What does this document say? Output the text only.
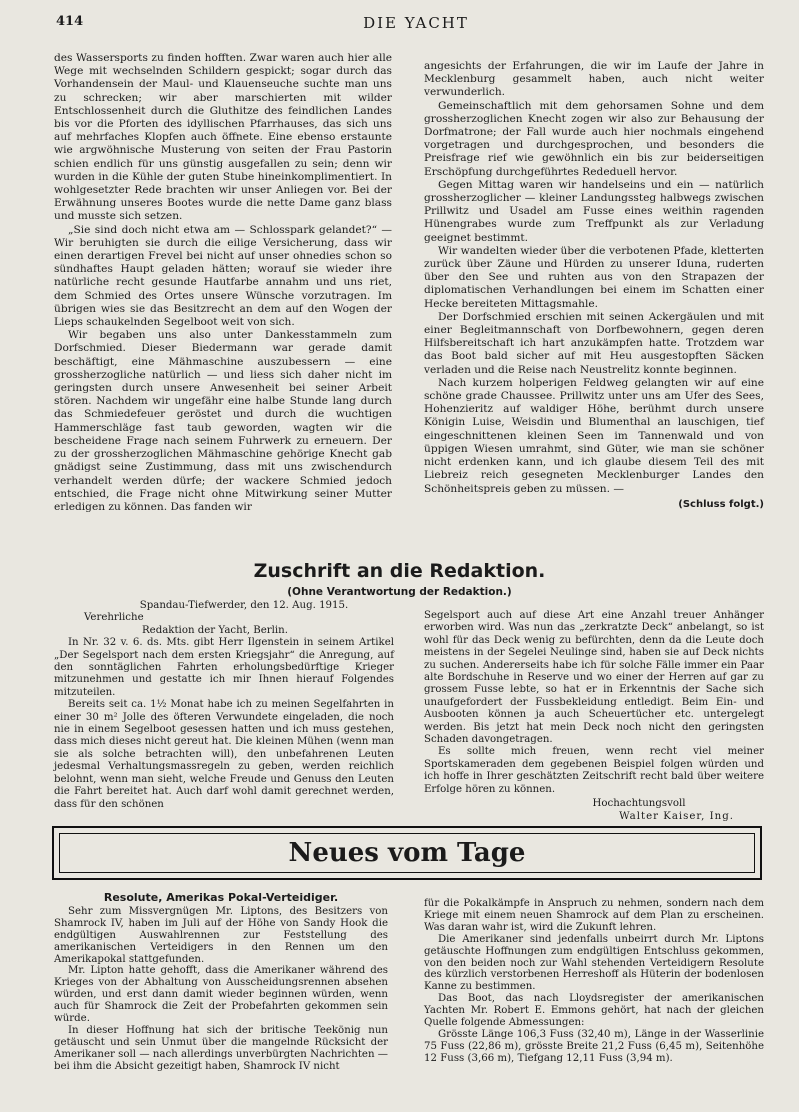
414	DIE YACHT

des Wassersports zu finden hofften. Zwar waren auch hier alle Wege mit wechselnden Schildern gespickt; sogar durch das Vorhandensein der Maul- und Klauenseuche suchte man uns zu schrecken; wir aber marschierten mit wilder Entschlossenheit durch die Gluthitze des feindlichen Landes bis vor die Pforten des idyllischen Pfarrhauses, das sich uns auf mehrfaches Klopfen auch öffnete. Eine ebenso erstaunte wie argwöhnische Musterung von seiten der Frau Pastorin schien endlich für uns günstig ausgefallen zu sein; denn wir wurden in die Kühle der guten Stube hineinkomplimentiert. In wohlgesetzter Rede brachten wir unser Anliegen vor. Bei der Erwähnung unseres Bootes wurde die nette Dame ganz blass und musste sich setzen.

„Sie sind doch nicht etwa am — Schlosspark gelandet?“ — Wir beruhigten sie durch die eilige Versicherung, dass wir einen derartigen Frevel bei nicht auf unser ohnedies schon so sündhaftes Haupt geladen hätten; worauf sie wieder ihre natürliche recht gesunde Hautfarbe annahm und uns riet, dem Schmied des Ortes unsere Wünsche vorzutragen. Im übrigen wies sie das Besitzrecht an dem auf den Wogen der Lieps schaukelnden Segelboot weit von sich.

Wir begaben uns also unter Dankesstammeln zum Dorfschmied. Dieser Biedermann war gerade damit beschäftigt, eine Mähmaschine auszubessern — eine grossherzogliche natürlich — und liess sich daher nicht im geringsten durch unsere Anwesenheit bei seiner Arbeit stören. Nachdem wir ungefähr eine halbe Stunde lang durch das Schmiedefeuer geröstet und durch die wuchtigen Hammerschläge fast taub geworden, wagten wir die bescheidene Frage nach seinem Fuhrwerk zu erneuern. Der zu der grossherzoglichen Mähmaschine gehörige Knecht gab gnädigst seine Zustimmung, dass mit uns zwischendurch verhandelt werden dürfe; der wackere Schmied jedoch entschied, die Frage nicht ohne Mitwirkung seiner Mutter erledigen zu können. Das fanden wir

angesichts der Erfahrungen, die wir im Laufe der Jahre in Mecklenburg gesammelt haben, auch nicht weiter verwunderlich.

Gemeinschaftlich mit dem gehorsamen Sohne und dem grossherzoglichen Knecht zogen wir also zur Behausung der Dorfmatrone; der Fall wurde auch hier nochmals eingehend vorgetragen und durchgesprochen, und besonders die Preisfrage rief wie gewöhnlich ein bis zur beiderseitigen Erschöpfung durchgeführtes Rededuell hervor.

Gegen Mittag waren wir handelseins und ein — natürlich grossherzoglicher — kleiner Landungssteg halbwegs zwischen Prillwitz und Usadel am Fusse eines weithin ragenden Hünengrabes wurde zum Treffpunkt als zur Verladung geeignet bestimmt.

Wir wandelten wieder über die verbotenen Pfade, kletterten zurück über Zäune und Hürden zu unserer Iduna, ruderten über den See und ruhten aus von den Strapazen der diplomatischen Verhandlungen bei einem im Schatten einer Hecke bereiteten Mittagsmahle.

Der Dorfschmied erschien mit seinen Ackergäulen und mit einer Begleitmannschaft von Dorfbewohnern, gegen deren Hilfsbereitschaft ich hart anzukämpfen hatte. Trotzdem war das Boot bald sicher auf mit Heu ausgestopften Säcken verladen und die Reise nach Neustrelitz konnte beginnen.

Nach kurzem holperigen Feldweg gelangten wir auf eine schöne grade Chaussee. Prillwitz unter uns am Ufer des Sees, Hohenzieritz auf waldiger Höhe, berühmt durch unsere Königin Luise, Weisdin und Blumenthal an lauschigen, tief eingeschnittenen kleinen Seen im Tannenwald und von üppigen Wiesen umrahmt, sind Güter, wie man sie schöner nicht erdenken kann, und ich glaube diesem Teil des mit Liebreiz reich gesegneten Mecklenburger Landes den Schönheitspreis geben zu müssen. —

(Schluss folgt.)
Zuschrift an die Redaktion.
(Ohne Verantwortung der Redaktion.)
Spandau-Tiefwerder, den 12. Aug. 1915.
Verehrliche
Redaktion der Yacht, Berlin.

In Nr. 32 v. 6. ds. Mts. gibt Herr Ilgenstein in seinem Artikel „Der Segelsport nach dem ersten Kriegsjahr“ die Anregung, auf den sonntäglichen Fahrten erholungsbedürftige Krieger mitzunehmen und gestatte ich mir Ihnen hierauf Folgendes mitzuteilen.

Bereits seit ca. 1½ Monat habe ich zu meinen Segelfahrten in einer 30 m² Jolle des öfteren Verwundete eingeladen, die noch nie in einem Segelboot gesessen hatten und ich muss gestehen, dass mich dieses nicht gereut hat. Die kleinen Mühen (wenn man sie als solche betrachten will), den unbefahrenen Leuten jedesmal Verhaltungsmassregeln zu geben, werden reichlich belohnt, wenn man sieht, welche Freude und Genuss den Leuten die Fahrt bereitet hat. Auch darf wohl damit gerechnet werden, dass für den schönen

Segelsport auch auf diese Art eine Anzahl treuer Anhänger erworben wird. Was nun das „zerkratzte Deck“ anbelangt, so ist wohl für das Deck wenig zu befürchten, denn da die Leute doch meistens in der Segelei Neulinge sind, haben sie auf Deck nichts zu suchen. Andererseits habe ich für solche Fälle immer ein Paar alte Bordschuhe in Reserve und wo einer der Herren auf gar zu grossem Fusse lebte, so hat er in Erkenntnis der Sache sich unaufgefordert der Fussbekleidung entledigt. Beim Ein- und Ausbooten können ja auch Scheuertücher etc. untergelegt werden. Bis jetzt hat mein Deck noch nicht den geringsten Schaden davongetragen.

Es sollte mich freuen, wenn recht viel meiner Sportskameraden dem gegebenen Beispiel folgen würden und ich hoffe in Ihrer geschätzten Zeitschrift recht bald über weitere Erfolge hören zu können.

Hochachtungsvoll
Walter Kaiser, Ing.
Neues vom Tage
Resolute, Amerikas Pokal-Verteidiger.

Sehr zum Missvergnügen Mr. Liptons, des Besitzers von Shamrock IV, haben im Juli auf der Höhe von Sandy Hook die endgültigen Auswahlrennen zur Feststellung des amerikanischen Verteidigers in den Rennen um den Amerikapokal stattgefunden.

Mr. Lipton hatte gehofft, dass die Amerikaner während des Krieges von der Abhaltung von Ausscheidungsrennen absehen würden, und erst dann damit wieder beginnen würden, wenn auch für Shamrock die Zeit der Probefahrten gekommen sein würde.

In dieser Hoffnung hat sich der britische Teekönig nun getäuscht und sein Unmut über die mangelnde Rücksicht der Amerikaner soll — nach allerdings unverbürgten Nachrichten — bei ihm die Absicht gezeitigt haben, Shamrock IV nicht

für die Pokalkämpfe in Anspruch zu nehmen, sondern nach dem Kriege mit einem neuen Shamrock auf dem Plan zu erscheinen. Was daran wahr ist, wird die Zukunft lehren.

Die Amerikaner sind jedenfalls unbeirrt durch Mr. Liptons getäuschte Hoffnungen zum endgültigen Entschluss gekommen, von den beiden noch zur Wahl stehenden Verteidigern Resolute des kürzlich verstorbenen Herreshoff als Hüterin der bodenlosen Kanne zu bestimmen.

Das Boot, das nach Lloydsregister der amerikanischen Yachten Mr. Robert E. Emmons gehört, hat nach der gleichen Quelle folgende Abmessungen:

Grösste Länge 106,3 Fuss (32,40 m), Länge in der Wasserlinie 75 Fuss (22,86 m), grösste Breite 21,2 Fuss (6,45 m), Seitenhöhe 12 Fuss (3,66 m), Tiefgang 12,11 Fuss (3,94 m).
